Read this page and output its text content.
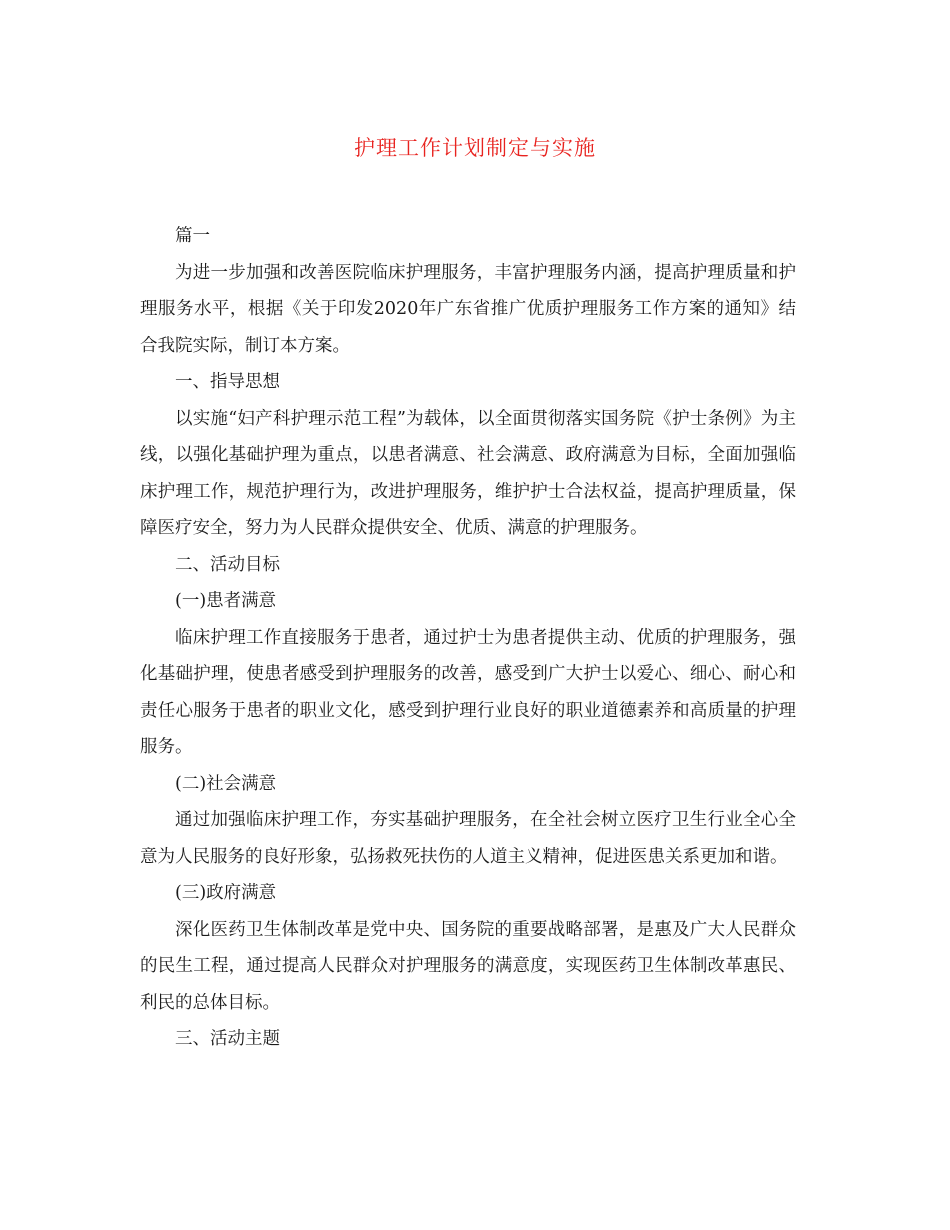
护理工作计划制定与实施

篇一

为进一步加强和改善医院临床护理服务，丰富护理服务内涵，提高护理质量和护理服务水平，根据《关于印发2020年广东省推广优质护理服务工作方案的通知》结合我院实际，制订本方案。

一、指导思想

以实施“妇产科护理示范工程”为载体，以全面贯彻落实国务院《护士条例》为主线，以强化基础护理为重点，以患者满意、社会满意、政府满意为目标，全面加强临床护理工作，规范护理行为，改进护理服务，维护护士合法权益，提高护理质量，保障医疗安全，努力为人民群众提供安全、优质、满意的护理服务。

二、活动目标

(一)患者满意

临床护理工作直接服务于患者，通过护士为患者提供主动、优质的护理服务，强化基础护理，使患者感受到护理服务的改善，感受到广大护士以爱心、细心、耐心和责任心服务于患者的职业文化，感受到护理行业良好的职业道德素养和高质量的护理服务。

(二)社会满意

通过加强临床护理工作，夯实基础护理服务，在全社会树立医疗卫生行业全心全意为人民服务的良好形象，弘扬救死扶伤的人道主义精神，促进医患关系更加和谐。

(三)政府满意

深化医药卫生体制改革是党中央、国务院的重要战略部署，是惠及广大人民群众的民生工程，通过提高人民群众对护理服务的满意度，实现医药卫生体制改革惠民、利民的总体目标。

三、活动主题
